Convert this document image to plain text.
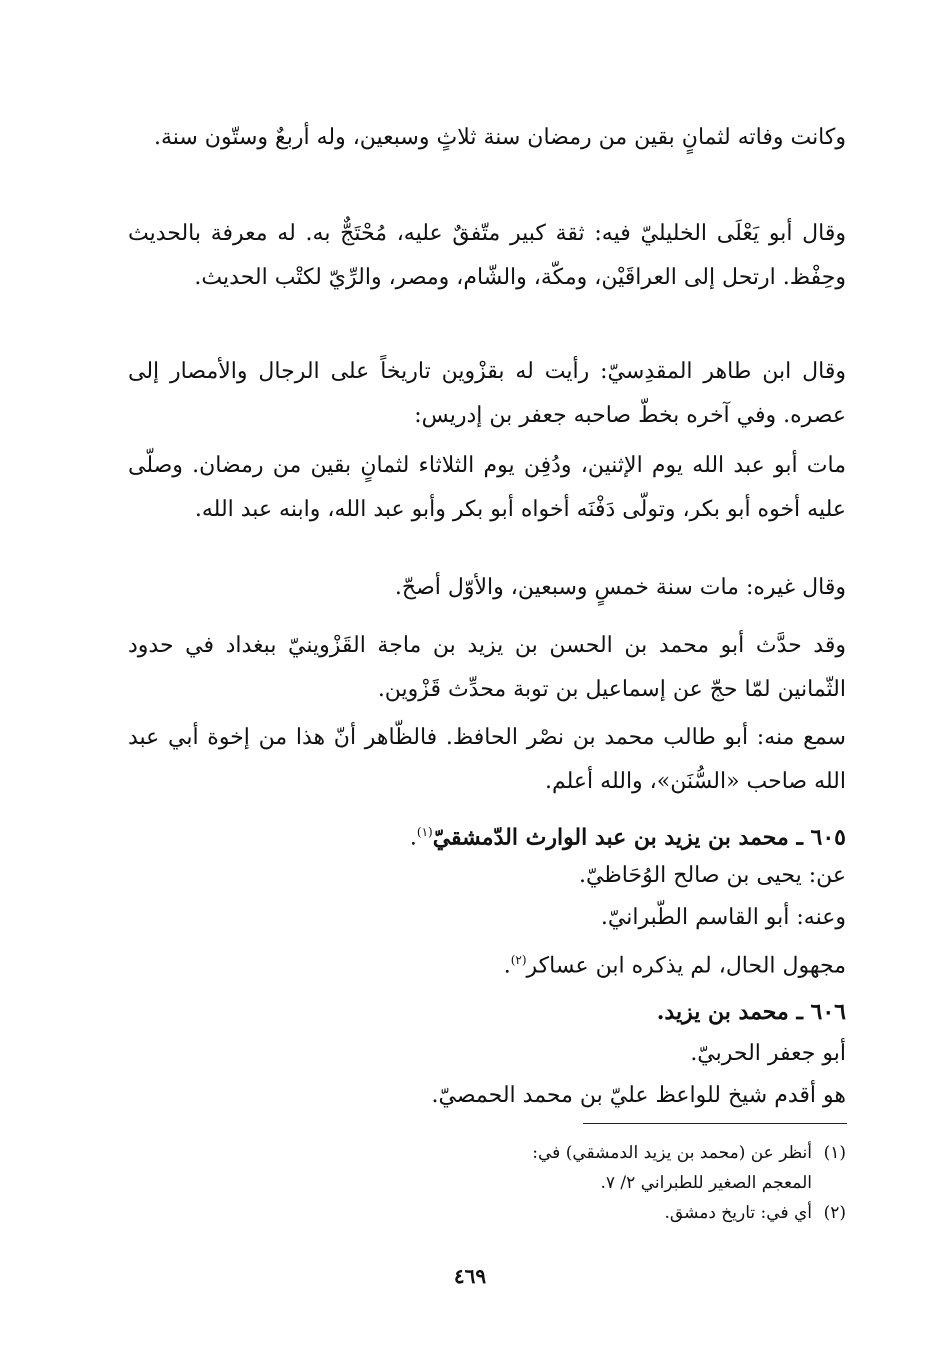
وكانت وفاته لثمانٍ بقين من رمضان سنة ثلاثٍ وسبعين، وله أربعٌ وستّون سنة.
وقال أبو يَعْلَى الخليليّ فيه: ثقة كبير متّفقٌ عليه، مُحْتَجٌّ به. له معرفة بالحديث وحِفْظ. ارتحل إلى العراقَيْن، ومكّة، والشّام، ومصر، والرِّيّ لكتْب الحديث.
وقال ابن طاهر المقدِسيّ: رأيت له بقزْوين تاريخاً على الرجال والأمصار إلى عصره. وفي آخره بخطّ صاحبه جعفر بن إدريس:
مات أبو عبد الله يوم الإثنين، ودُفِن يوم الثلاثاء لثمانٍ بقين من رمضان. وصلّى عليه أخوه أبو بكر، وتولّى دَفْنَه أخواه أبو بكر وأبو عبد الله، وابنه عبد الله.
وقال غيره: مات سنة خمسٍ وسبعين، والأوّل أصحّ.
وقد حدَّث أبو محمد بن الحسن بن يزيد بن ماجة القَزْوينيّ ببغداد في حدود الثّمانين لمّا حجّ عن إسماعيل بن توبة محدِّث قَزْوين.
سمع منه: أبو طالب محمد بن نصْر الحافظ. فالظّاهر أنّ هذا من إخوة أبي عبد الله صاحب «السُّنَن»، والله أعلم.
٦٠٥ ـ محمد بن يزيد بن عبد الوارث الدّمشقيّ$^{(١)}$.
عن: يحيى بن صالح الوُحَاظيّ.
وعنه: أبو القاسم الطّبرانيّ.
مجهول الحال، لم يذكره ابن عساكر$^{(٢)}$.
٦٠٦ ـ محمد بن يزيد.
أبو جعفر الحربيّ.
هو أقدم شيخ للواعظ عليّ بن محمد الحمصيّ.
(١)أنظر عن (محمد بن يزيد الدمشقي) في:
المعجم الصغير للطبراني ٢/ ٧.
(٢)أي في: تاريخ دمشق.
٤٦٩
